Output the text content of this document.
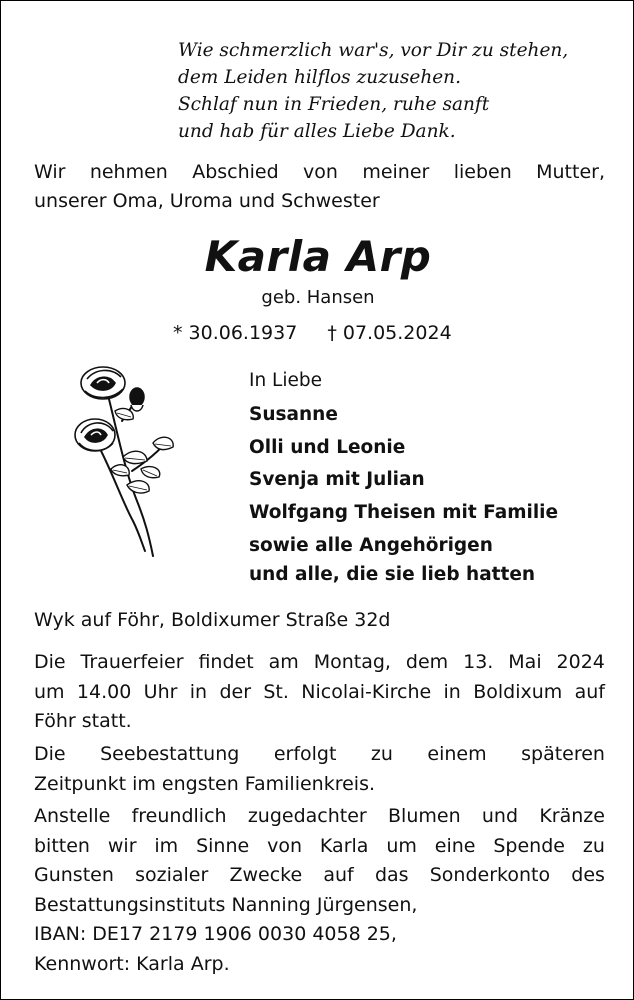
Wie schmerzlich war's, vor Dir zu stehen,
dem Leiden hilflos zuzusehen.
Schlaf nun in Frieden, ruhe sanft
und hab für alles Liebe Dank.
Wir nehmen Abschied von meiner lieben Mutter,
unserer Oma, Uroma und Schwester
Karla Arp
geb. Hansen
* 30.06.1937 † 07.05.2024
In Liebe
Susanne
Olli und Leonie
Svenja mit Julian
Wolfgang Theisen mit Familie
sowie alle Angehörigen
und alle, die sie lieb hatten
Wyk auf Föhr, Boldixumer Straße 32d
Die Trauerfeier findet am Montag, dem 13. Mai 2024
um 14.00 Uhr in der St. Nicolai-Kirche in Boldixum auf
Föhr statt.
Die Seebestattung erfolgt zu einem späteren
Zeitpunkt im engsten Familienkreis.
Anstelle freundlich zugedachter Blumen und Kränze
bitten wir im Sinne von Karla um eine Spende zu
Gunsten sozialer Zwecke auf das Sonderkonto des
Bestattungsinstituts Nanning Jürgensen,
IBAN: DE17 2179 1906 0030 4058 25,
Kennwort: Karla Arp.
